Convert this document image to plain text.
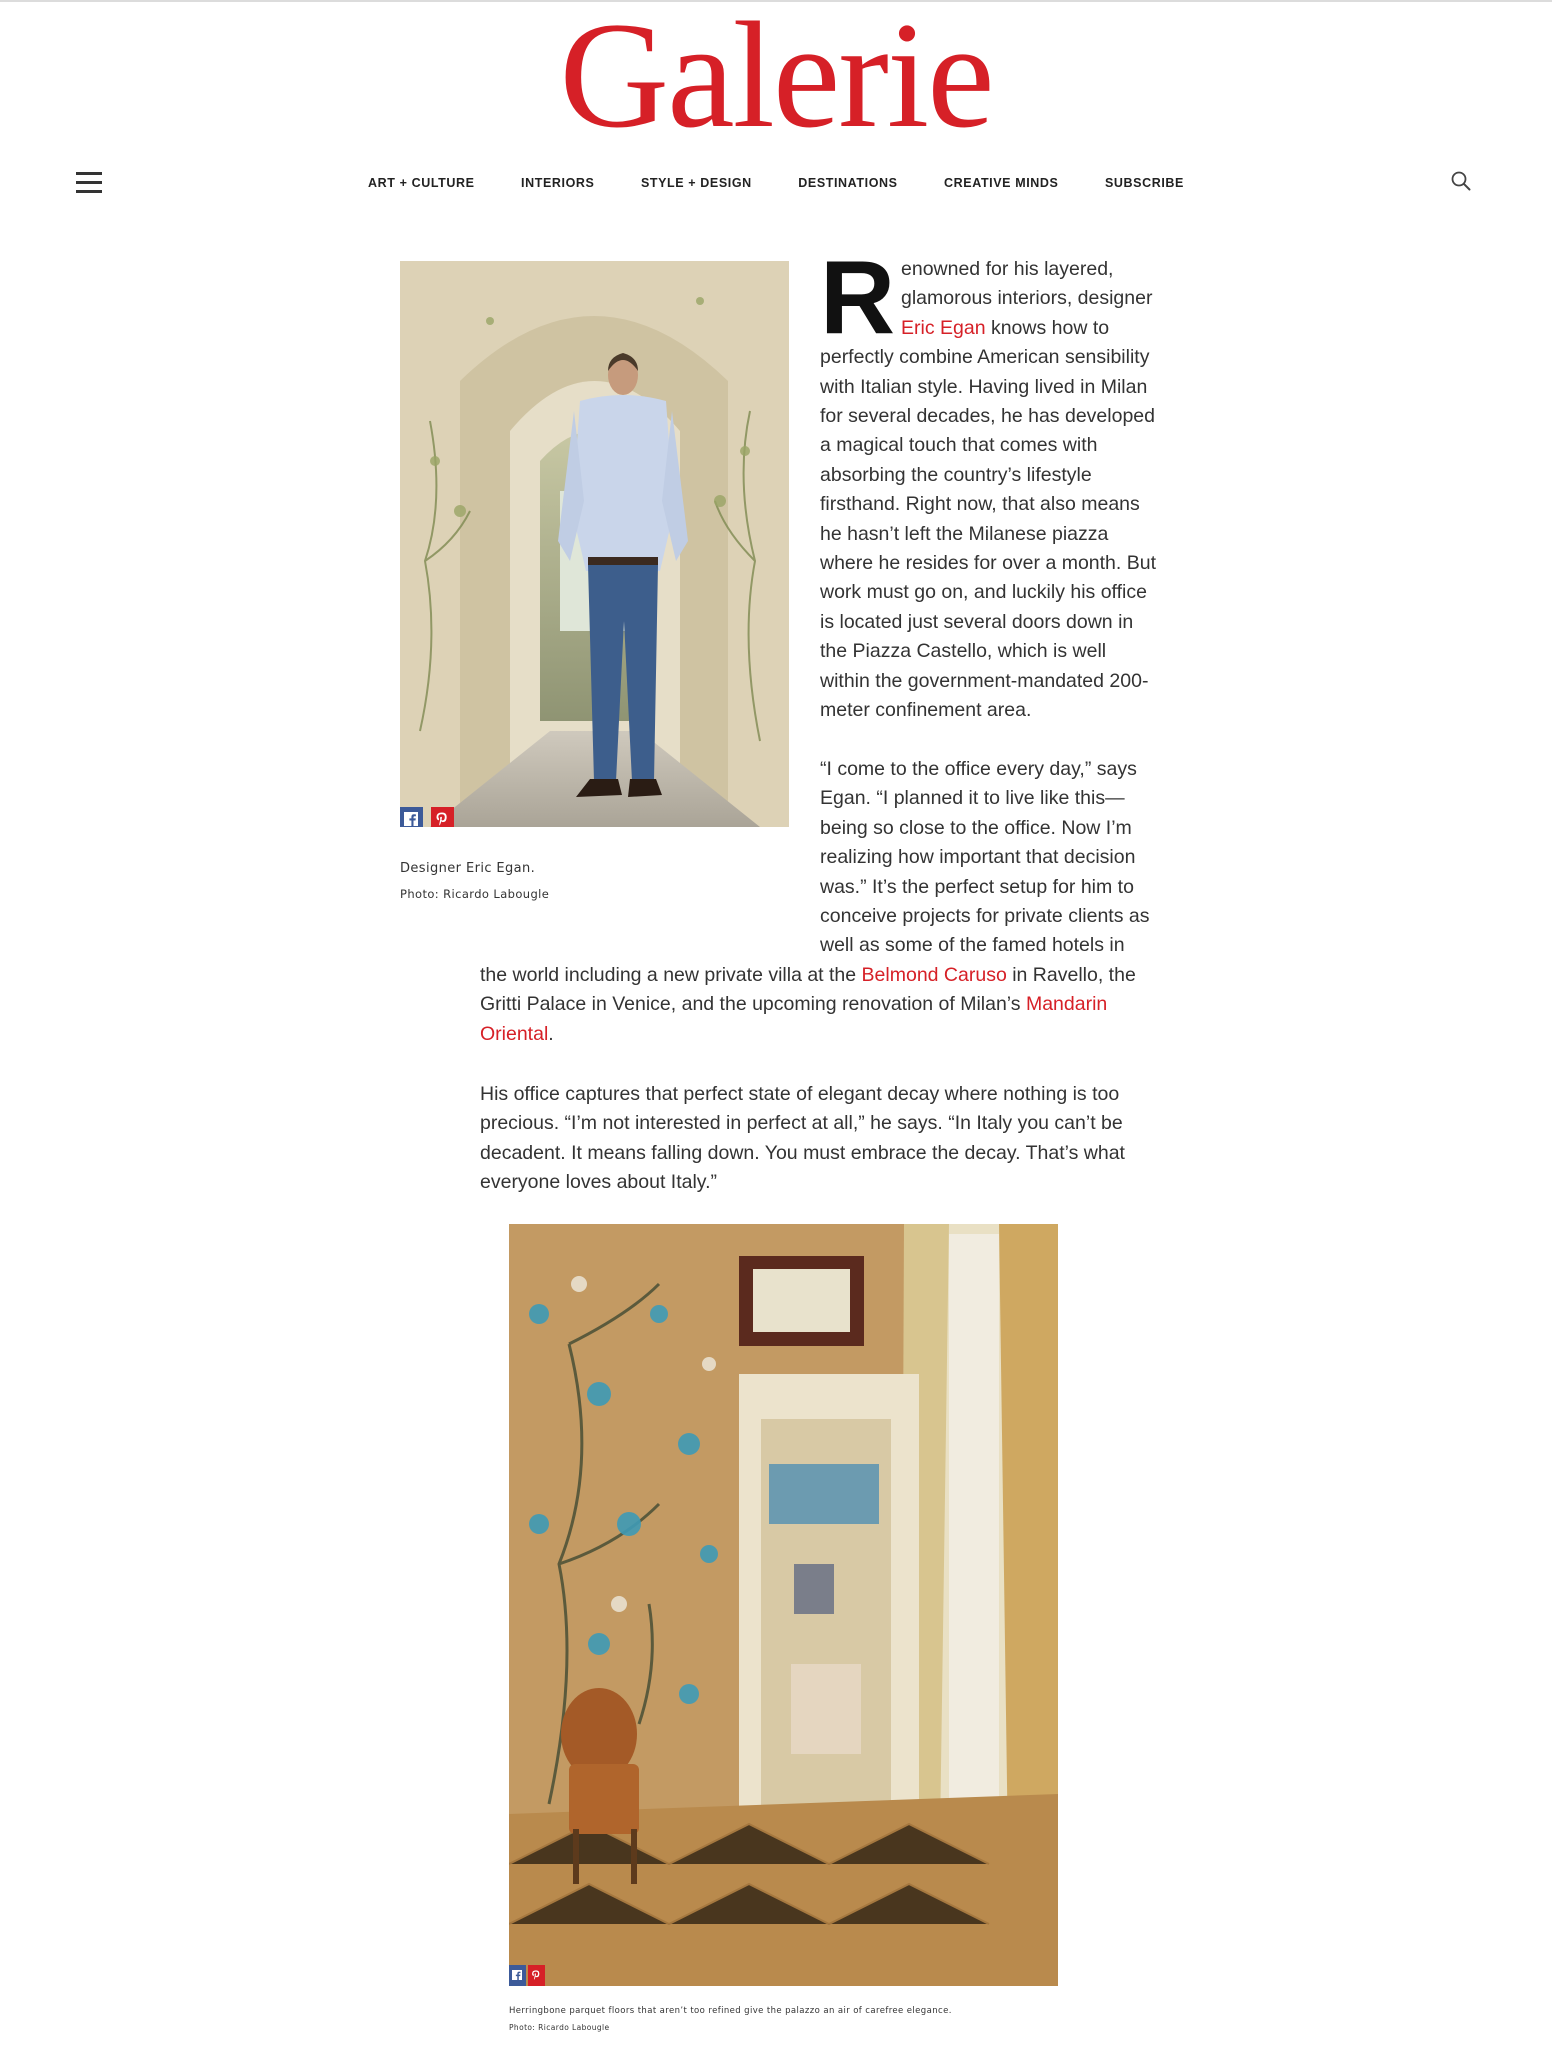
Galerie
ART + CULTURE	INTERIORS	STYLE + DESIGN	DESTINATIONS	CREATIVE MINDS	SUBSCRIBE
Designer Eric Egan.
Photo: Ricardo Labougle
R enowned for his layered,
glamorous interiors, designer
Eric Egan knows how to
perfectly combine American sensibility
with Italian style. Having lived in Milan
for several decades, he has developed
a magical touch that comes with
absorbing the country’s lifestyle
firsthand. Right now, that also means
he hasn’t left the Milanese piazza
where he resides for over a month. But
work must go on, and luckily his office
is located just several doors down in
the Piazza Castello, which is well
within the government-mandated 200-
meter confinement area.
“I come to the office every day,” says
Egan. “I planned it to live like this—
being so close to the office. Now I’m
realizing how important that decision
was.” It’s the perfect setup for him to
conceive projects for private clients as
well as some of the famed hotels in
the world including a new private villa at the Belmond Caruso in Ravello, the
Gritti Palace in Venice, and the upcoming renovation of Milan’s Mandarin
Oriental.
His office captures that perfect state of elegant decay where nothing is too
precious. “I’m not interested in perfect at all,” he says. “In Italy you can’t be
decadent. It means falling down. You must embrace the decay. That’s what
everyone loves about Italy.”
Herringbone parquet floors that aren’t too refined give the palazzo an air of carefree elegance.
Photo: Ricardo Labougle
